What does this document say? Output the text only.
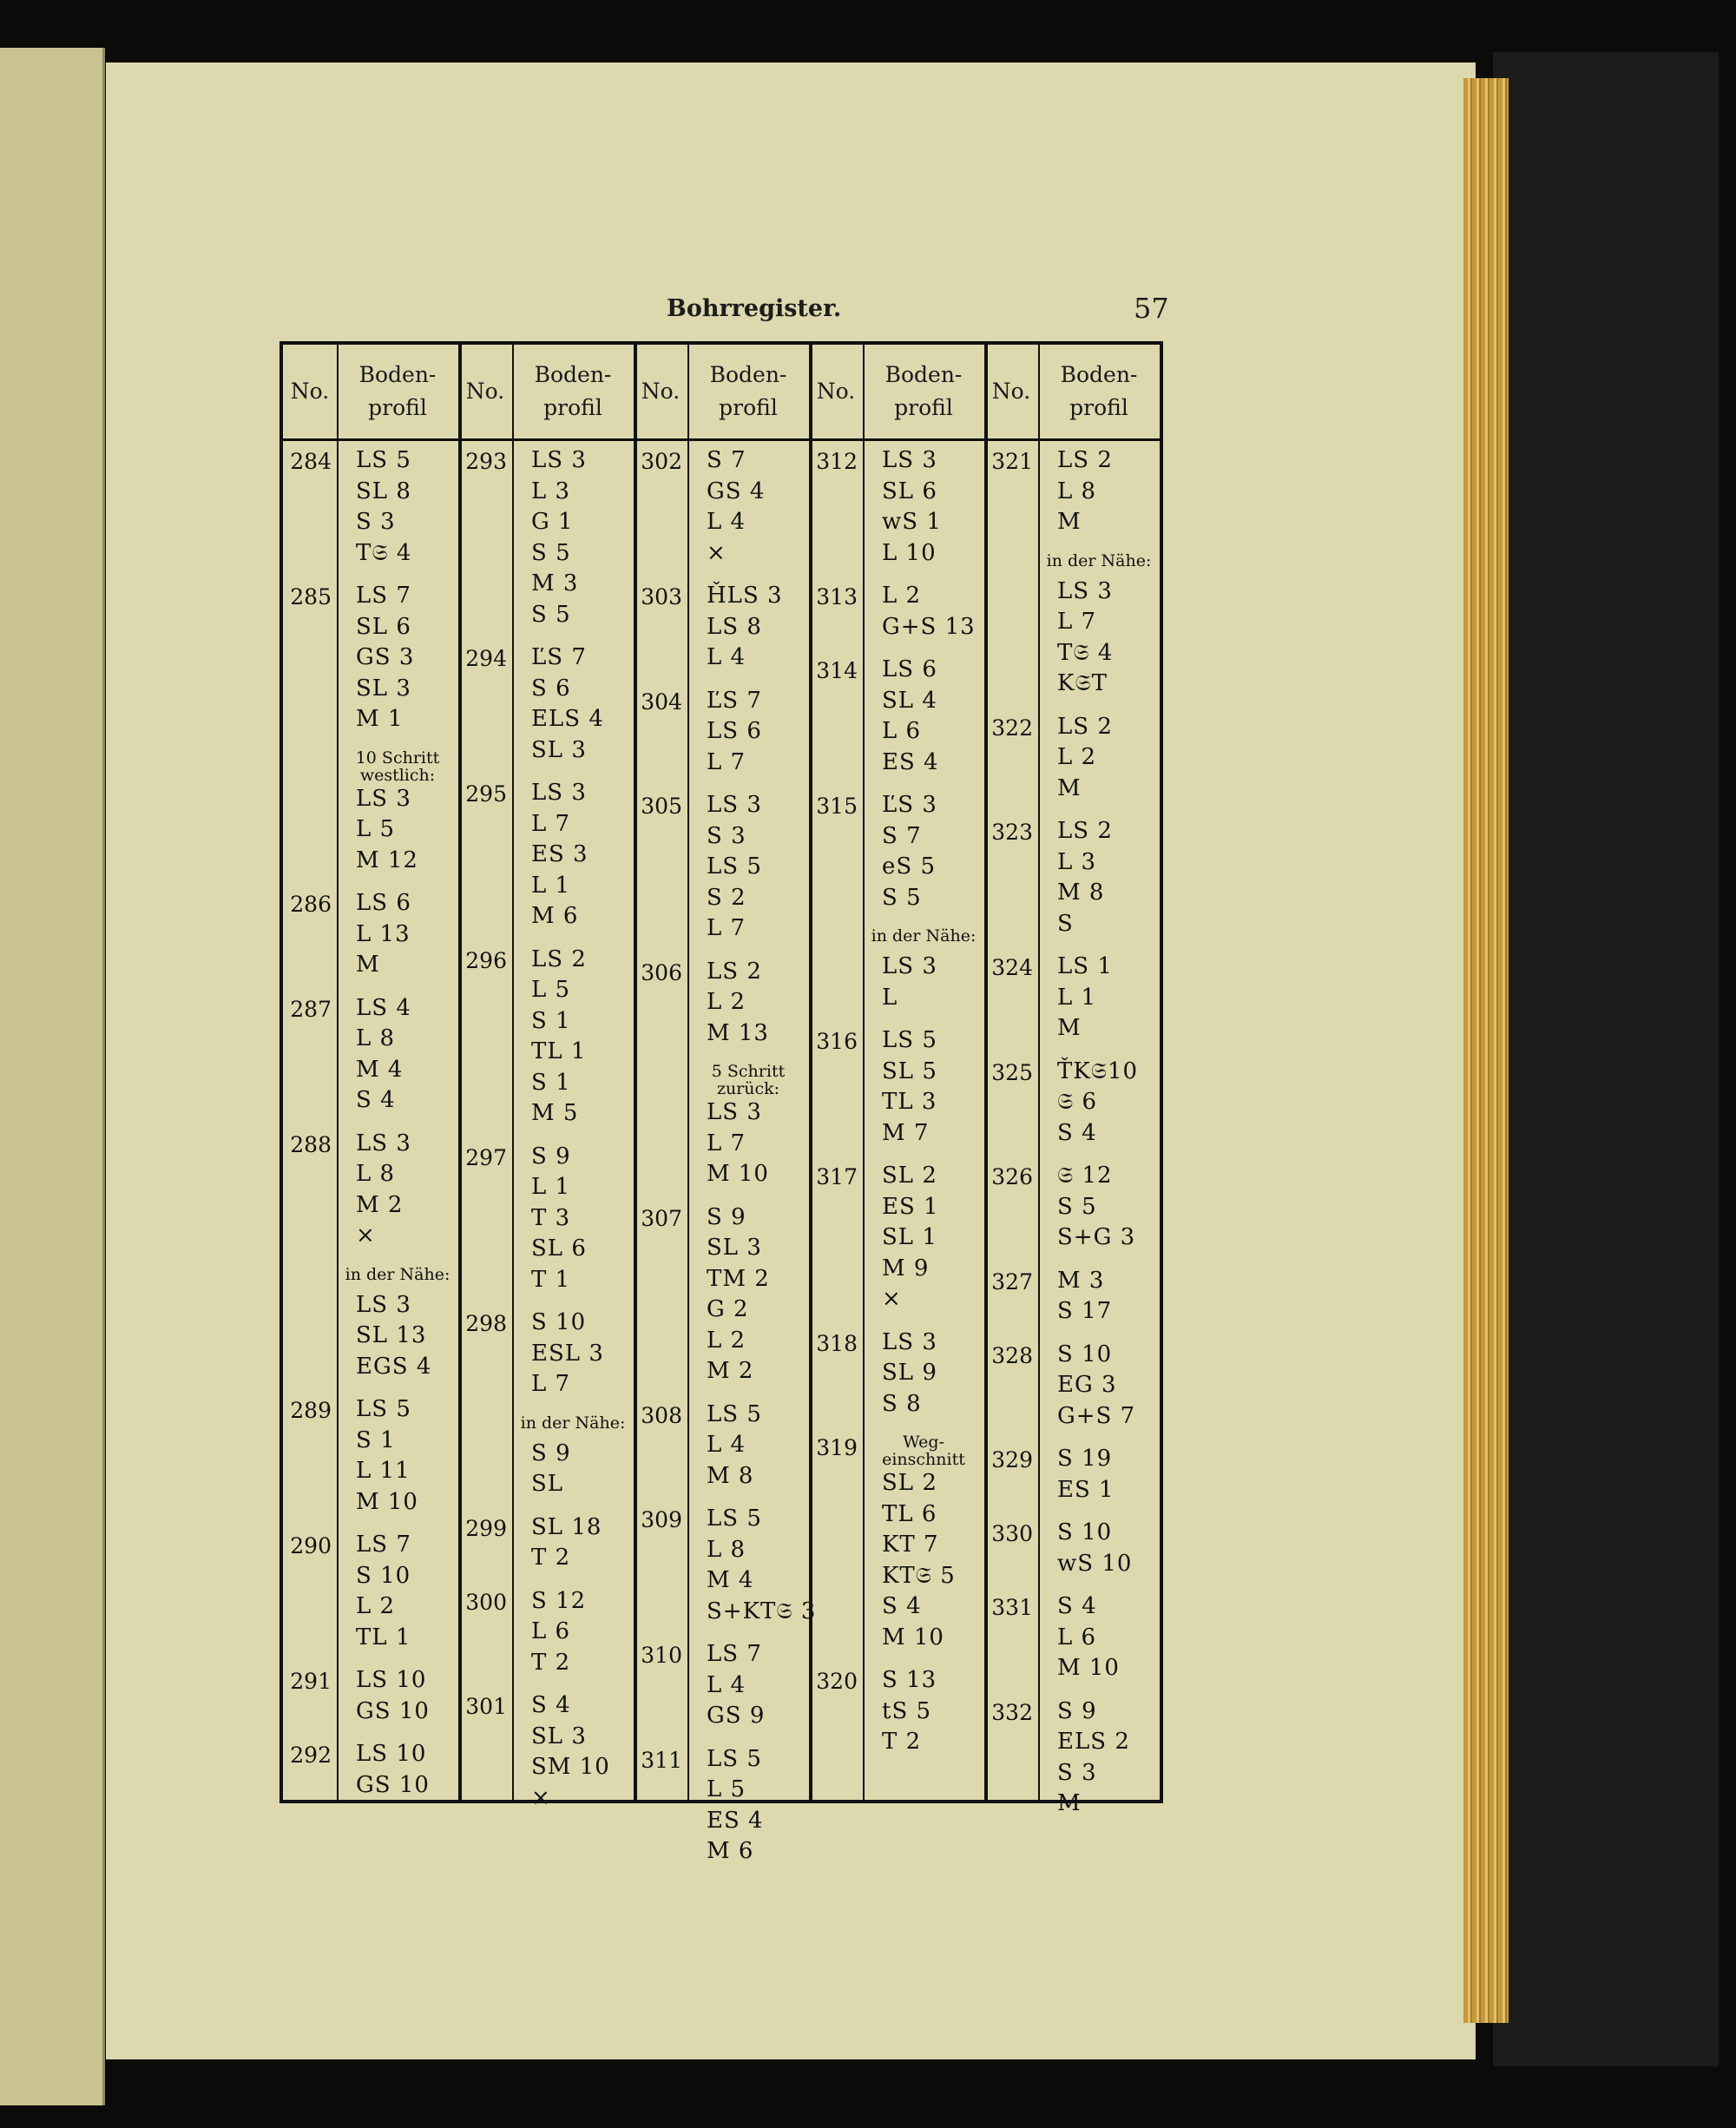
Bohrregister.	57
No.
Boden-
profil
284 LS 5
SL 8
S 3
T𝔖 4
285 LS 7
SL 6
GS 3
SL 3
M 1
10 Schritt
westlich:
LS 3
L 5
M 12
286 LS 6
L 13
M
287 LS 4
L 8
M 4
S 4
288 LS 3
L 8
M 2
×
in der Nähe:
LS 3
SL 13
EGS 4
289 LS 5
S 1
L 11
M 10
290 LS 7
S 10
L 2
TL 1
291 LS 10
GS 10
292 LS 10
GS 10
No.
Boden-
profil
293 LS 3
L 3
G 1
S 5
M 3
S 5
294 ĽS 7
S 6
ELS 4
SL 3
295 LS 3
L 7
ES 3
L 1
M 6
296 LS 2
L 5
S 1
TL 1
S 1
M 5
297 S 9
L 1
T 3
SL 6
T 1
298 S 10
ESL 3
L 7
in der Nähe:
S 9
SL
299 SL 18
T 2
300 S 12
L 6
T 2
301 S 4
SL 3
SM 10
×
No.
Boden-
profil
302 S 7
GS 4
L 4
×
303 ȞLS 3
LS 8
L 4
304 ĽS 7
LS 6
L 7
305 LS 3
S 3
LS 5
S 2
L 7
306 LS 2
L 2
M 13
5 Schritt
zurück:
LS 3
L 7
M 10
307 S 9
SL 3
TM 2
G 2
L 2
M 2
308 LS 5
L 4
M 8
309 LS 5
L 8
M 4
S+KT𝔖 3
310 LS 7
L 4
GS 9
311 LS 5
L 5
ES 4
M 6
No.
Boden-
profil
312 LS 3
SL 6
wS 1
L 10
313 L 2
G+S 13
314 LS 6
SL 4
L 6
ES 4
315 ĽS 3
S 7
eS 5
S 5
in der Nähe:
LS 3
L
316 LS 5
SL 5
TL 3
M 7
317 SL 2
ES 1
SL 1
M 9
×
318 LS 3
SL 9
S 8
319	Weg-
einschnitt
SL 2
TL 6
KT 7
KT𝔖 5
S 4
M 10
320 S 13
tS 5
T 2
No.
Boden-
profil
321 LS 2
L 8
M
in der Nähe:
LS 3
L 7
T𝔖 4
K𝔖T
322 LS 2
L 2
M
323 LS 2
L 3
M 8
S
324 LS 1
L 1
M
325 ŤK𝔖10
𝔖 6
S 4
326 𝔖 12
S 5
S+G 3
327 M 3
S 17
328 S 10
EG 3
G+S 7
329 S 19
ES 1
330 S 10
wS 10
331 S 4
L 6
M 10
332 S 9
ELS 2
S 3
M
